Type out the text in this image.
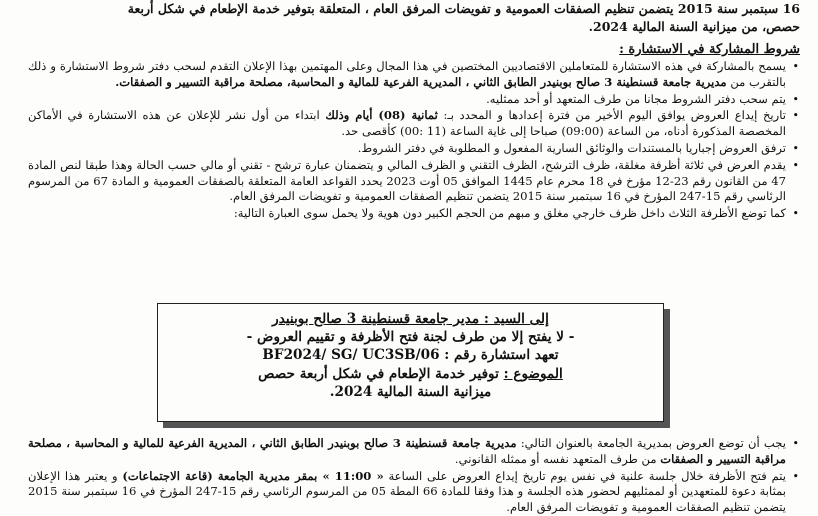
16 سبتمبر سنة 2015 يتضمن تنظيم الصفقات العمومية و تفويضات المرفق العام ، المتعلقة بتوفير خدمة الإطعام في شكل أربعة
حصص، من ميزانية السنة المالية 2024.
شروط المشاركة في الاستشارة :
• يسمح بالمشاركة في هذه الاستشارة للمتعاملين الاقتصاديين المختصين في هذا المجال وعلى المهتمين بهذا الإعلان التقدم لسحب دفتر شروط الاستشارة و ذلك بالتقرب من مديرية جامعة قسنطينة 3 صالح بوبنيدر الطابق الثاني ، المديرية الفرعية للمالية و المحاسبة، مصلحة مراقبة التسيير و الصفقات.
• يتم سحب دفتر الشروط مجانا من طرف المتعهد أو أحد ممثليه.
• تاريخ إيداع العروض يوافق اليوم الأخير من فترة إعدادها و المحدد بـ: ثمانية (08) أيام وذلك ابتداء من أول نشر للإعلان عن هذه الاستشارة في الأماكن المخصصة المذكورة أدناه، من الساعة (09:00) صباحا إلى غاية الساعة (11 :00) كأقصى حد.
• ترفق العروض إجباريا بالمستندات والوثائق السارية المفعول و المطلوبة في دفتر الشروط.
• يقدم العرض في ثلاثة أظرفة مغلقة، ظرف الترشح، الظرف التقني و الظرف المالي و يتضمنان عبارة ترشح - تقني أو مالي حسب الحالة وهذا طبقا لنص المادة 47 من القانون رقم 23-12 مؤرخ في 18 محرم عام 1445 الموافق 05 أوت 2023 يحدد القواعد العامة المتعلقة بالصفقات العمومية و المادة 67 من المرسوم الرئاسي رقم 15-247 المؤرخ في 16 سبتمبر سنة 2015 يتضمن تنظيم الصفقات العمومية و تفويضات المرفق العام.
• كما توضع الأظرفة الثلاث داخل ظرف خارجي مغلق و مبهم من الحجم الكبير دون هوية ولا يحمل سوى العبارة التالية:
إلى السيد : مدير جامعة قسنطينة 3 صالح بوبنيدر
- لا يفتح إلا من طرف لجنة فتح الأظرفة و تقييم العروض -
تعهد استشارة رقم : BF2024/ SG/ UC3SB/06
الموضوع : توفير خدمة الإطعام في شكل أربعة حصص
ميزانية السنة المالية 2024.
• يجب أن توضع العروض بمديرية الجامعة بالعنوان التالي: مديرية جامعة قسنطينة 3 صالح بوبنيدر الطابق الثاني ، المديرية الفرعية للمالية و المحاسبة ، مصلحة مراقبة التسيير و الصفقات من طرف المتعهد نفسه أو ممثله القانوني.
• يتم فتح الأظرفة خلال جلسة علنية في نفس يوم تاريخ إيداع العروض على الساعة « 11:00 » بمقر مديرية الجامعة (قاعة الاجتماعات) و يعتبر هذا الإعلان بمثابة دعوة للمتعهدين أو لممثليهم لحضور هذه الجلسة و هذا وفقا للمادة 66 المطة 05 من المرسوم الرئاسي رقم 15-247 المؤرخ في 16 سبتمبر سنة 2015 يتضمن تنظيم الصفقات العمومية و تفويضات المرفق العام.
